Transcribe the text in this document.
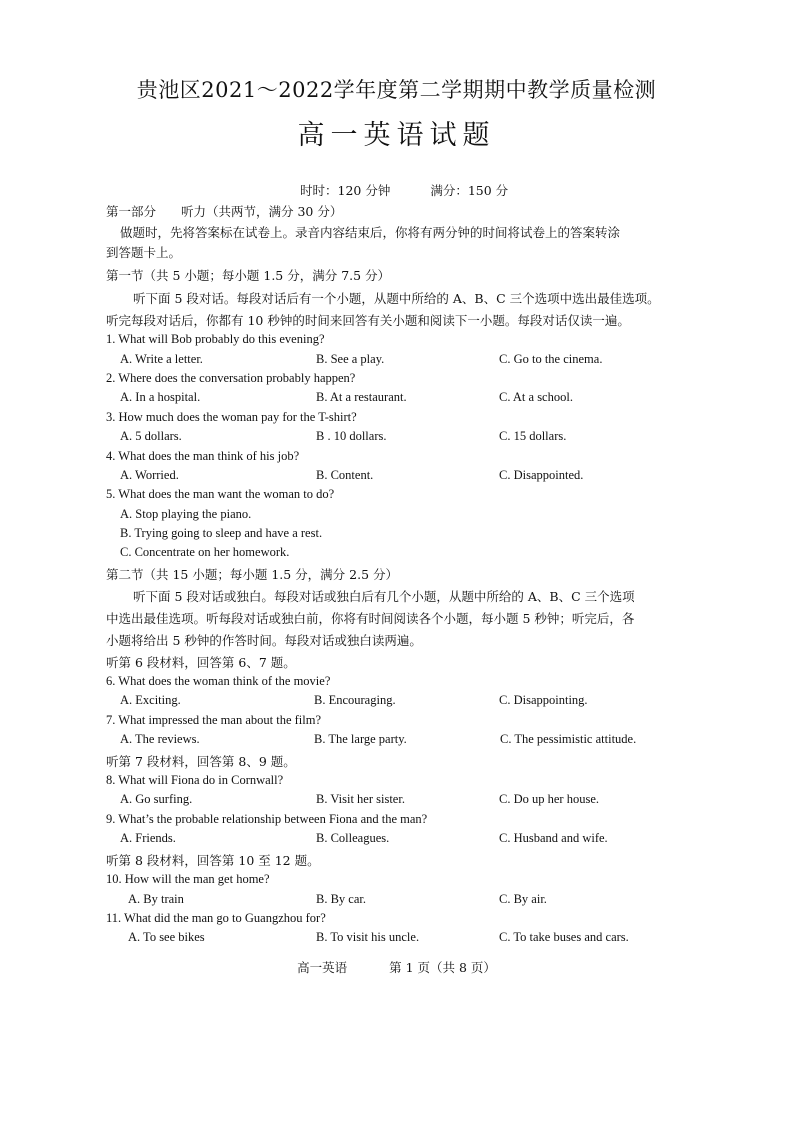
贵池区2021～2022学年度第二学期期中教学质量检测
高一英语试题
时时：120 分钟	满分：150 分
第一部分　　听力（共两节，满分 30 分）
做题时，先将答案标在试卷上。录音内容结束后，你将有两分钟的时间将试卷上的答案转涂
到答题卡上。
第一节（共 5 小题；每小题 1.5 分，满分 7.5 分）
听下面 5 段对话。每段对话后有一个小题，从题中所给的 A、B、C 三个选项中选出最佳选项。
听完每段对话后，你都有 10 秒钟的时间来回答有关小题和阅读下一小题。每段对话仅读一遍。
1. What will Bob probably do this evening?
A. Write a letter.	B. See a play.	C. Go to the cinema.
2. Where does the conversation probably happen?
A. In a hospital.	B. At a restaurant.	C. At a school.
3. How much does the woman pay for the T-shirt?
A. 5 dollars.	B . 10 dollars.	C. 15 dollars.
4. What does the man think of his job?
A. Worried.	B. Content.	C. Disappointed.
5. What does the man want the woman to do?
A. Stop playing the piano.
B. Trying going to sleep and have a rest.
C. Concentrate on her homework.
第二节（共 15 小题；每小题 1.5 分，满分 2.5 分）
听下面 5 段对话或独白。每段对话或独白后有几个小题，从题中所给的 A、B、C 三个选项
中选出最佳选项。听每段对话或独白前，你将有时间阅读各个小题，每小题 5 秒钟；听完后，各
小题将给出 5 秒钟的作答时间。每段对话或独白读两遍。
听第 6 段材料，回答第 6、7 题。
6. What does the woman think of the movie?
A. Exciting.	B. Encouraging.	C. Disappointing.
7. What impressed the man about the film?
A. The reviews.	B. The large party.	C. The pessimistic attitude.
听第 7 段材料，回答第 8、9 题。
8. What will Fiona do in Cornwall?
A. Go surfing.	B. Visit her sister.	C. Do up her house.
9. What’s the probable relationship between Fiona and the man?
A. Friends.	B. Colleagues.	C. Husband and wife.
听第 8 段材料，回答第 10 至 12 题。
10. How will the man get home?
A. By train	B. By car.	C. By air.
11. What did the man go to Guangzhou for?
A. To see bikes	B. To visit his uncle.	C. To take buses and cars.
高一英语	第 1 页（共 8 页）
